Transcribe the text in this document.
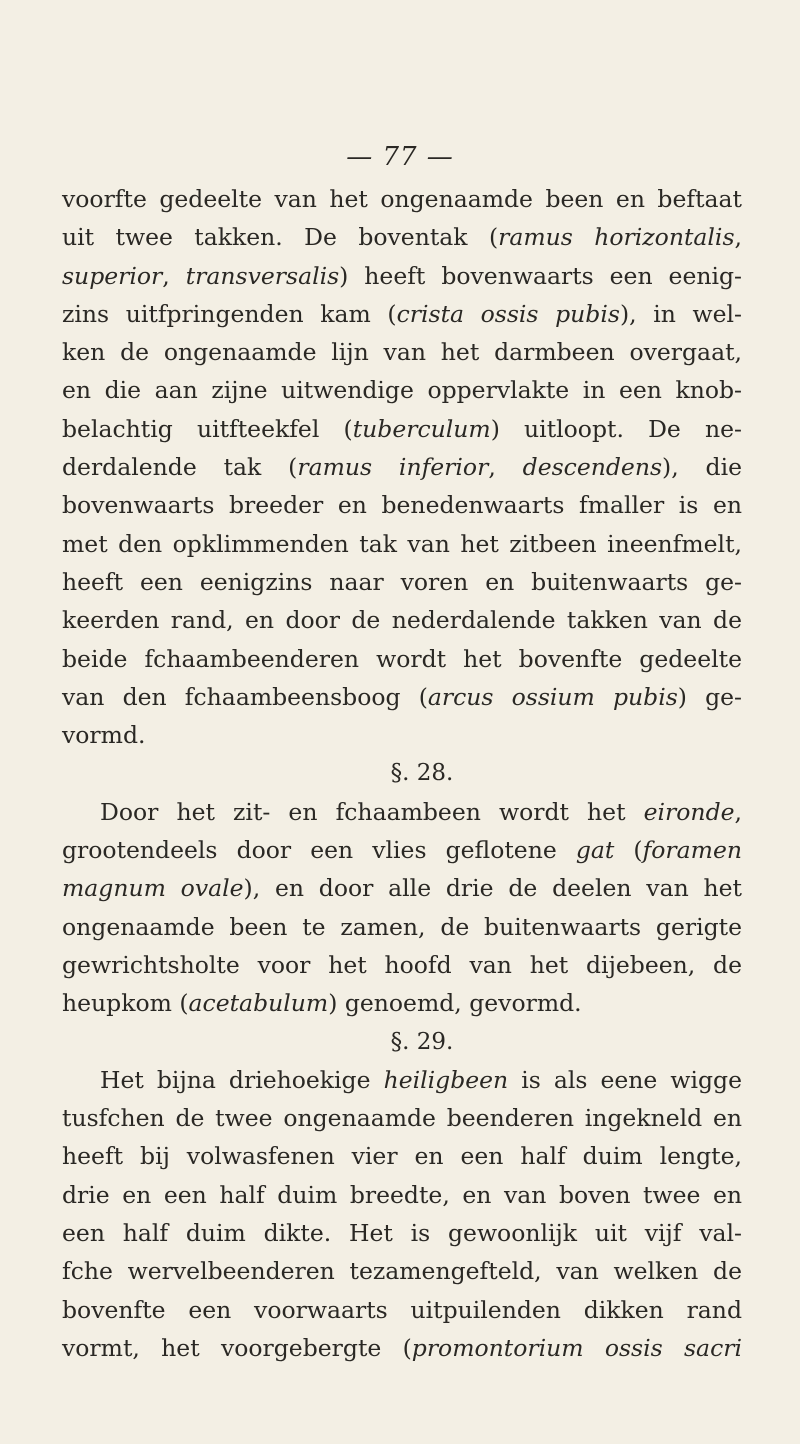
— 77 —
voorfte gedeelte van het ongenaamde been en beftaat
uit twee takken. De boventak (ramus horizontalis,
superior, transversalis) heeft bovenwaarts een eenig-
zins uitfpringenden kam (crista ossis pubis), in wel-
ken de ongenaamde lijn van het darmbeen overgaat,
en die aan zijne uitwendige oppervlakte in een knob-
belachtig uitfteekfel (tuberculum) uitloopt. De ne-
derdalende tak (ramus inferior, descendens), die
bovenwaarts breeder en benedenwaarts fmaller is en
met den opklimmenden tak van het zitbeen ineenfmelt,
heeft een eenigzins naar voren en buitenwaarts ge-
keerden rand, en door de nederdalende takken van de
beide fchaambeenderen wordt het bovenfte gedeelte
van den fchaambeensboog (arcus ossium pubis) ge-
vormd.
§. 28.
Door het zit- en fchaambeen wordt het eironde,
grootendeels door een vlies geflotene gat (foramen
magnum ovale), en door alle drie de deelen van het
ongenaamde been te zamen, de buitenwaarts gerigte
gewrichtsholte voor het hoofd van het dijebeen, de
heupkom (acetabulum) genoemd, gevormd.
§. 29.
Het bijna driehoekige heiligbeen is als eene wigge
tusfchen de twee ongenaamde beenderen ingekneld en
heeft bij volwasfenen vier en een half duim lengte,
drie en een half duim breedte, en van boven twee en
een half duim dikte. Het is gewoonlijk uit vijf val-
fche wervelbeenderen tezamengefteld, van welken de
bovenfte een voorwaarts uitpuilenden dikken rand
vormt, het voorgebergte (promontorium ossis sacri
